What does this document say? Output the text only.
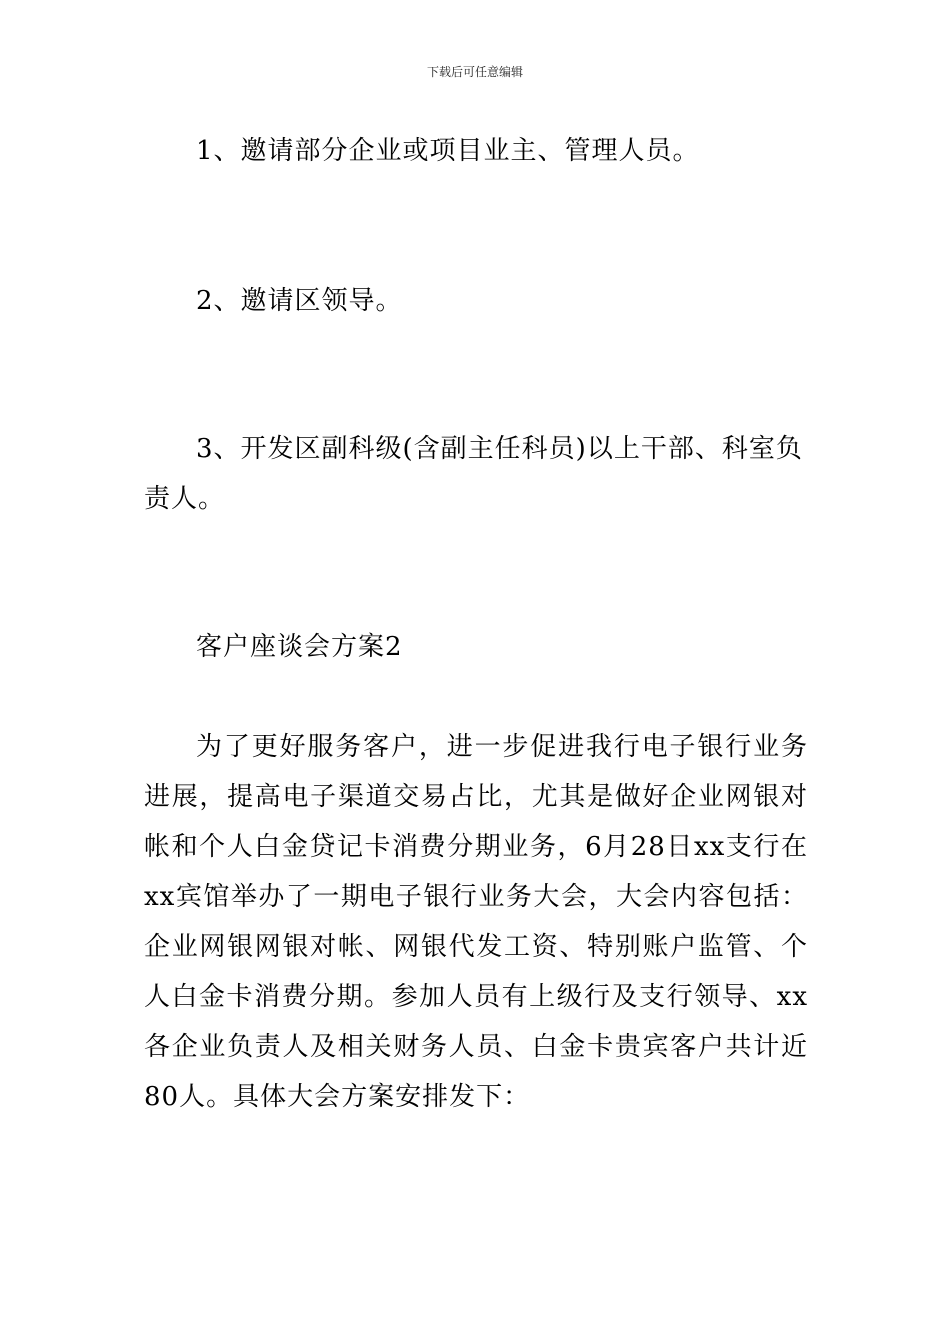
下载后可任意编辑
1、邀请部分企业或项目业主、管理人员。
2、邀请区领导。
3、开发区副科级(含副主任科员)以上干部、科室负责人。
客户座谈会方案2
为了更好服务客户，进一步促进我行电子银行业务进展，提高电子渠道交易占比，尤其是做好企业网银对帐和个人白金贷记卡消费分期业务，6月28日xx支行在xx宾馆举办了一期电子银行业务大会，大会内容包括：企业网银网银对帐、网银代发工资、特别账户监管、个人白金卡消费分期。参加人员有上级行及支行领导、xx各企业负责人及相关财务人员、白金卡贵宾客户共计近80人。具体大会方案安排发下：
